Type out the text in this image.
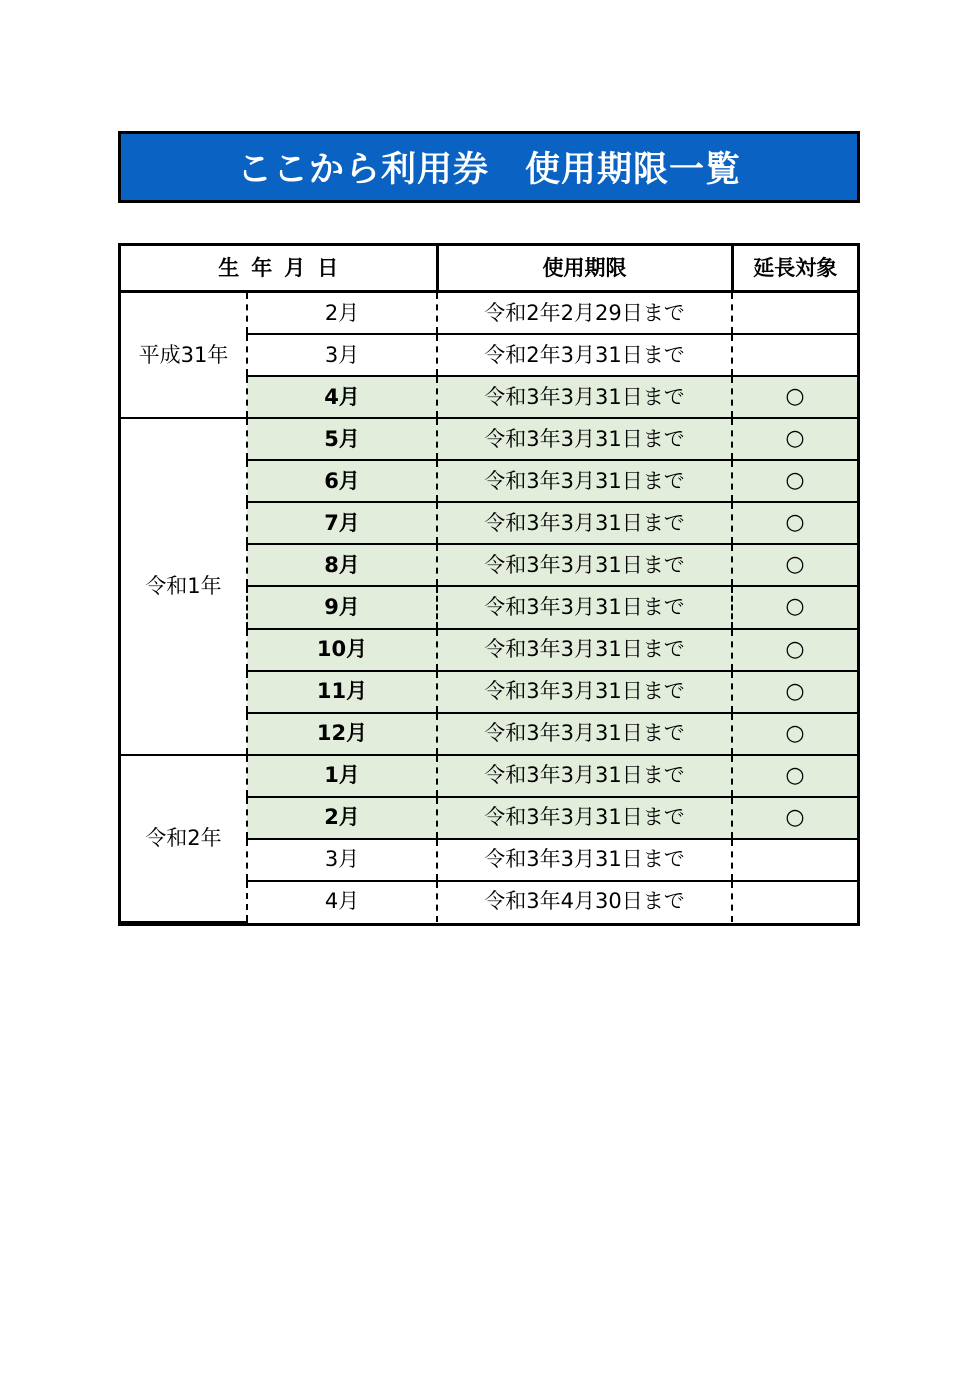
ここから利用券　使用期限一覧
生年月日		使用期限	延長対象
平成31年	2月	令和2年2月29日まで	
	3月	令和2年3月31日まで	
	4月	令和3年3月31日まで	○
令和1年	5月	令和3年3月31日まで	○
	6月	令和3年3月31日まで	○
	7月	令和3年3月31日まで	○
	8月	令和3年3月31日まで	○
	9月	令和3年3月31日まで	○
	10月	令和3年3月31日まで	○
	11月	令和3年3月31日まで	○
	12月	令和3年3月31日まで	○
令和2年	1月	令和3年3月31日まで	○
	2月	令和3年3月31日まで	○
	3月	令和3年3月31日まで	
	4月	令和3年4月30日まで	
